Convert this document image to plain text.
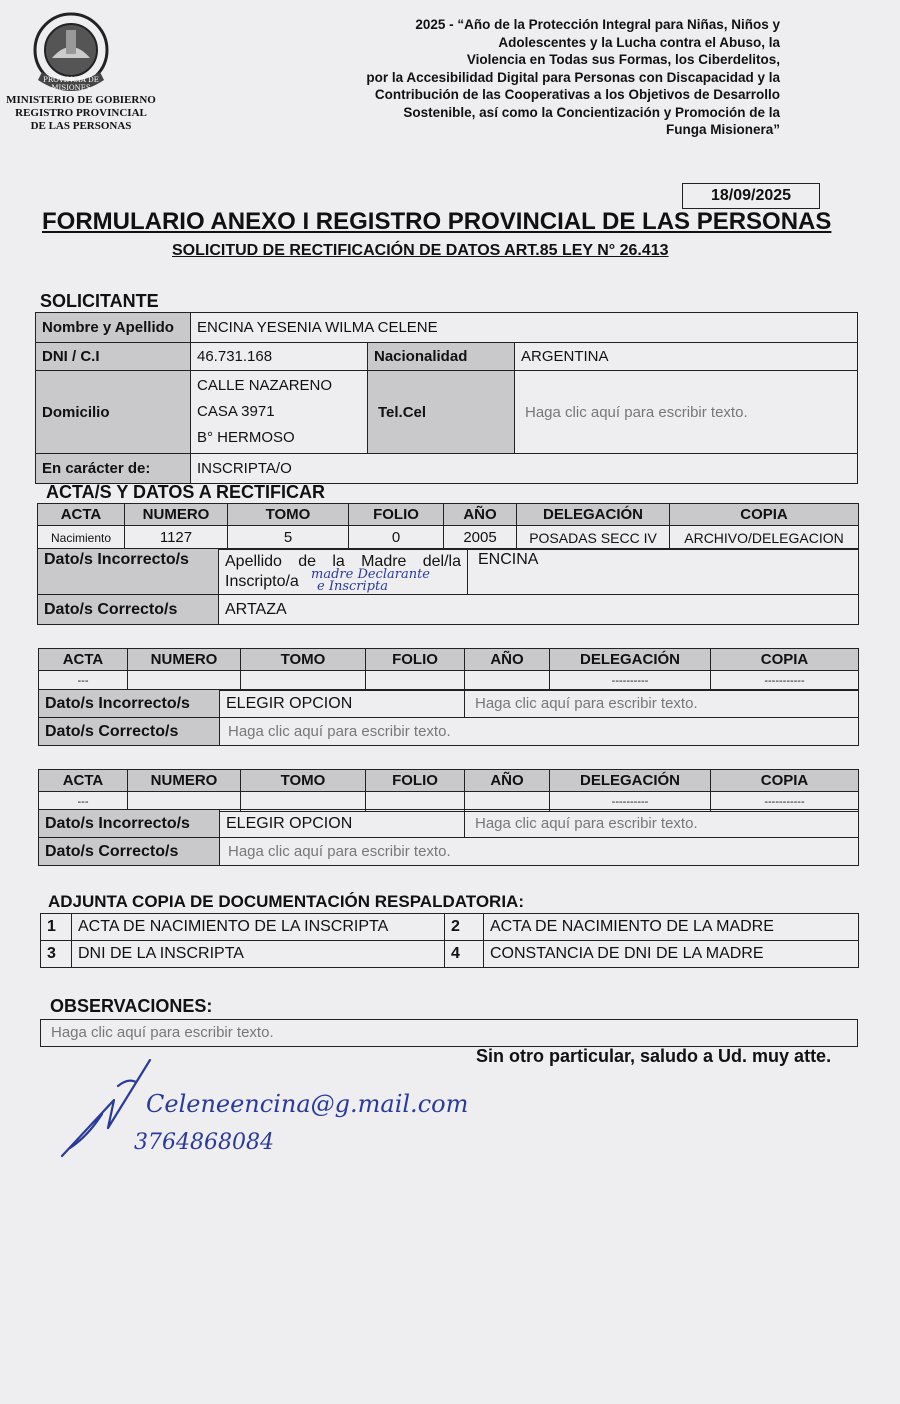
PROVINCIA DE MISIONES
MINISTERIO DE GOBIERNO
REGISTRO PROVINCIAL
DE LAS PERSONAS
2025 - “Año de la Protección Integral para Niñas, Niños y
Adolescentes y la Lucha contra el Abuso, la
Violencia en Todas sus Formas, los Ciberdelitos,
por la Accesibilidad Digital para Personas con Discapacidad y la
Contribución de las Cooperativas a los Objetivos de Desarrollo
Sostenible, así como la Concientización y Promoción de la
Funga Misionera”
18/09/2025
FORMULARIO ANEXO I REGISTRO PROVINCIAL DE LAS PERSONAS
SOLICITUD DE RECTIFICACIÓN DE DATOS ART.85 LEY N° 26.413
SOLICITANTE
Nombre y Apellido	ENCINA YESENIA WILMA CELENE		
DNI / C.I	46.731.168	Nacionalidad	ARGENTINA
Domicilio	CALLE NAZARENO CASA 3971
B° HERMOSO	Tel.Cel	Haga clic aquí para escribir texto.
En carácter de:	INSCRIPTA/O		
ACTA/S Y DATOS A RECTIFICAR
ACTA	NUMERO	TOMO	FOLIO	AÑO	DELEGACIÓN	COPIA
Nacimiento	1127	5	0	2005	POSADAS SECC IV	ARCHIVO/DELEGACION
Dato/s Incorrecto/s	Apellido de la Madre del/la
Inscripto/a madre Declarante
e Inscripta	ENCINA
Dato/s Correcto/s	ARTAZA	
ACTA	NUMERO	TOMO	FOLIO	AÑO	DELEGACIÓN	COPIA
---					----------	-----------
Dato/s Incorrecto/s	ELEGIR OPCION	Haga clic aquí para escribir texto.
Dato/s Correcto/s	Haga clic aquí para escribir texto.	
ACTA	NUMERO	TOMO	FOLIO	AÑO	DELEGACIÓN	COPIA
---					----------	-----------
Dato/s Incorrecto/s	ELEGIR OPCION	Haga clic aquí para escribir texto.
Dato/s Correcto/s	Haga clic aquí para escribir texto.	
ADJUNTA COPIA DE DOCUMENTACIÓN RESPALDATORIA:
1	ACTA DE NACIMIENTO DE LA INSCRIPTA	2	ACTA DE NACIMIENTO DE LA MADRE
3	DNI DE LA INSCRIPTA	4	CONSTANCIA DE DNI DE LA MADRE
OBSERVACIONES:
Haga clic aquí para escribir texto.
Sin otro particular, saludo a Ud. muy atte.
Celeneencina@g.mail.com
3764868084
